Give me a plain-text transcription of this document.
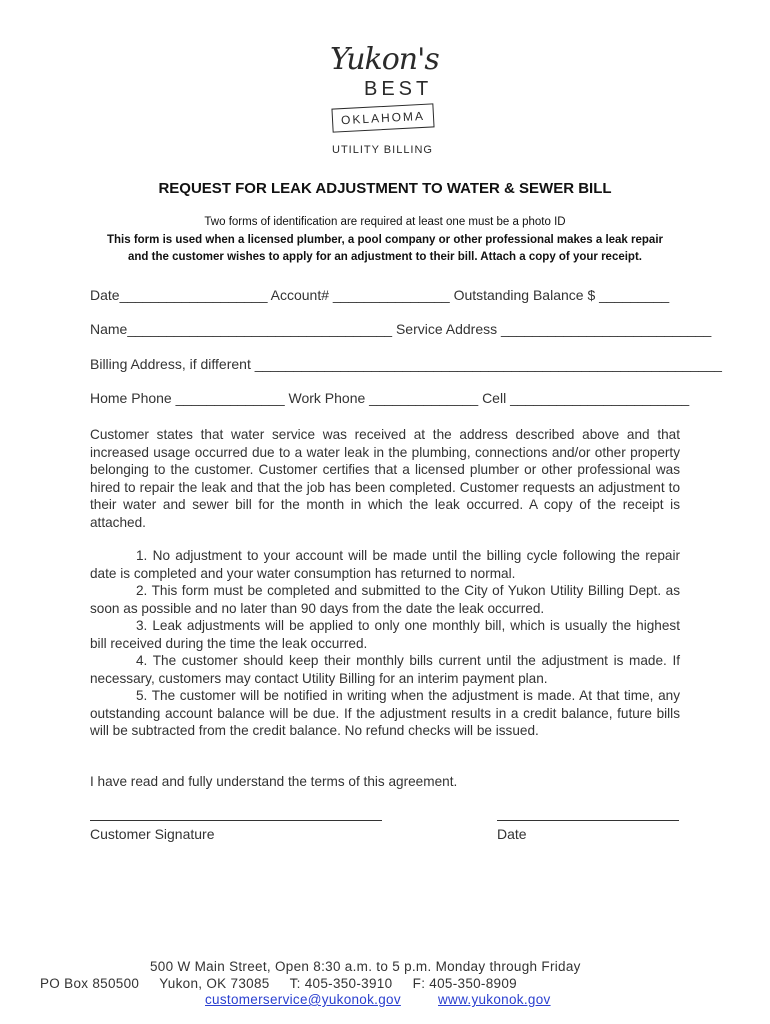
Yukon's
BEST
OKLAHOMA
UTILITY BILLING
REQUEST FOR LEAK ADJUSTMENT TO WATER & SEWER BILL
Two forms of identification are required at least one must be a photo ID
This form is used when a licensed plumber, a pool company or other professional makes a leak repair
and the customer wishes to apply for an adjustment to their bill. Attach a copy of your receipt.
Date___________________ Account# _______________ Outstanding Balance $ _________
Name__________________________________ Service Address ___________________________
Billing Address, if different ____________________________________________________________
Home Phone ______________ Work Phone ______________ Cell _______________________
Customer states that water service was received at the address described above and that increased usage occurred due to a water leak in the plumbing, connections and/or other property belonging to the customer. Customer certifies that a licensed plumber or other professional was hired to repair the leak and that the job has been completed. Customer requests an adjustment to their water and sewer bill for the month in which the leak occurred. A copy of the receipt is attached.

1. No adjustment to your account will be made until the billing cycle following the repair date is completed and your water consumption has returned to normal.

2. This form must be completed and submitted to the City of Yukon Utility Billing Dept. as soon as possible and no later than 90 days from the date the leak occurred.

3. Leak adjustments will be applied to only one monthly bill, which is usually the highest bill received during the time the leak occurred.

4. The customer should keep their monthly bills current until the adjustment is made. If necessary, customers may contact Utility Billing for an interim payment plan.

5. The customer will be notified in writing when the adjustment is made. At that time, any outstanding account balance will be due. If the adjustment results in a credit balance, future bills will be subtracted from the credit balance. No refund checks will be issued.

I have read and fully understand the terms of this agreement.
Customer Signature	Date
500 W Main Street, Open 8:30 a.m. to 5 p.m. Monday through Friday
PO Box 850500     Yukon, OK 73085     T: 405-350-3910     F: 405-350-8909
customerservice@yukonok.gov	www.yukonok.gov
